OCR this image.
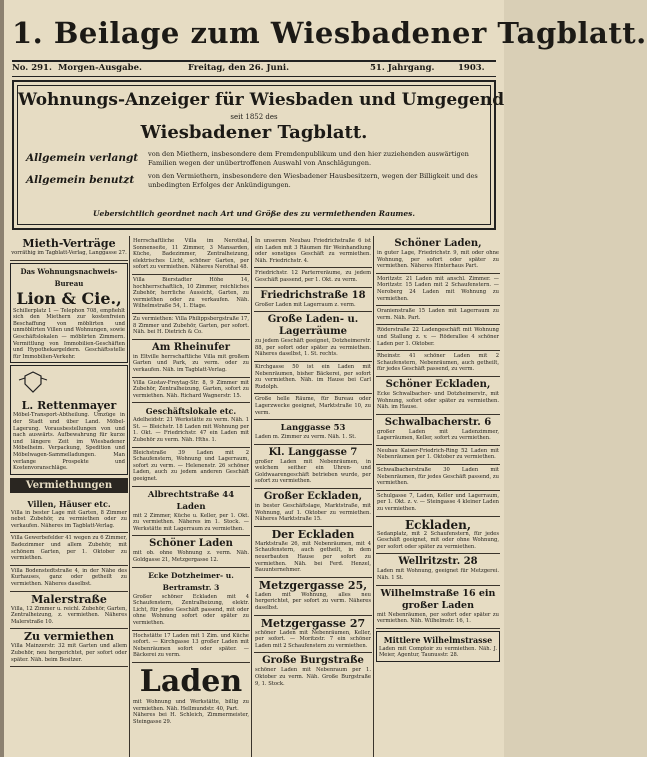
1. Beilage zum Wiesbadener Tagblatt.
No. 291. Morgen-Ausgabe.	Freitag, den 26. Juni.	51. Jahrgang.	1903.
Wohnungs-Anzeiger für Wiesbaden und Umgegend
seit 1852 des
Wiesbadener Tagblatt.
Allgemein verlangt von den Miethern, insbesondere dem Fremdenpublikum und den hier zuziehenden auswärtigen Familien wegen der unübertroffenen Auswahl von Anschlägungen.
Allgemein benutzt von den Vermiethern, insbesondere den Wiesbadener Hausbesitzern, wegen der Billigkeit und des unbedingten Erfolges der Ankündigungen.
Uebersichtlich geordnet nach Art und Größe des zu vermiethenden Raumes.
Mieth-Verträge
vorräthig im Tagblatt-Verlag, Langgasse 27.
Das Wohnungsnachweis-Bureau
Lion & Cie.,
Schillerplatz 1 — Telephon 708, empfiehlt sich den Miethern zur kostenfreien Beschaffung von möblirten und unmöblirten Villen und Wohnungen, sowie Geschäftslokalen — möblirten Zimmern. Vermittlung von Immobilien-Geschäften und Hypothekargeldern. Geschäftsstelle für Immobilien-Verkehr.
L. Rettenmayer
Möbel-Transport-Abtheilung. Umzüge in der Stadt und über Land. Möbel-Lagerung. Vorausbestellungen von und nach auswärts. Aufbewahrung für kurze und längere Zeit im Wiesbadener Möbelheim. Verpackung, Spedition und Möbelwagen-Sammelladungen. Man verlange Prospekte und Kostenvoranschläge.
Vermiethungen
Villen, Häuser etc.
Villa in bester Lage mit Garten, 8 Zimmer nebst Zubehör, zu vermiethen oder zu verkaufen. Näheres im Tagblatt-Verlag.
Villa Gewerbefelder 41 wegen zu 6 Zimmer, Badezimmer und allem Zubehör, mit schönem Garten, per 1. Oktober zu vermiethen.
Villa Bodenstedtstraße 4, in der Nähe des Kurhauses, ganz oder getheilt zu vermiethen. Näheres daselbst.
Malerstraße
Villa, 12 Zimmer u. reichl. Zubehör, Garten, Zentralheizung, z. vermiethen. Näheres Malerstraße 10.
Zu vermiethen
Villa Mainzerstr. 32 mit Garten und allem Zubehör, neu hergerichtet, per sofort oder später. Näh. beim Besitzer.
Herrschaftliche Villa im Nerothal, Sonnenseite, 11 Zimmer, 3 Mansarden, Küche, Badezimmer, Zentralheizung, elektrisches Licht, schöner Garten, per sofort zu vermiethen. Näheres Nerothal 48.
Villa Bierstadter Höhe 14, hochherrschaftlich, 10 Zimmer, reichliches Zubehör, herrliche Aussicht, Garten, zu vermiethen oder zu verkaufen. Näh. Wilhelmstraße 54, 1. Etage.
Zu vermiethen: Villa Philippsbergstraße 17, 8 Zimmer und Zubehör, Garten, per sofort. Näh. bei H. Dietrich & Co.
Am Rheinufer
in Eltville herrschaftliche Villa mit großem Garten und Park, zu verm. oder zu verkaufen. Näh. im Tagblatt-Verlag.
Villa Gustav-Freytag-Str. 8, 9 Zimmer mit Zubehör, Zentralheizung, Garten, sofort zu vermiethen. Näh. Richard Wagnerstr. 15.
Geschäftslokale etc.
Adelheidstr. 21 Werkstätte zu verm. Näh. 1 St. — Bleichstr. 18 Laden mit Wohnung per 1. Okt. — Friedrichstr. 47 ein Laden mit Zubehör zu verm. Näh. Hths. 1.
Bleichstraße 39 Laden mit 2 Schaufenstern, Wohnung und Lagerraum, sofort zu verm. — Helenenstr. 26 schöner Laden, auch zu jedem anderen Geschäft geeignet.
Albrechtstraße 44 Laden
mit 2 Zimmer, Küche u. Keller, per 1. Okt. zu vermiethen. Näheres im 1. Stock. — Werkstätte mit Lagerraum zu vermiethen.
Schöner Laden
mit ob. ohne Wohnung z. verm. Näh. Goldgasse 21, Metzgergasse 12.
Ecke Dotzheimer- u. Bertramstr. 3
Großer schöner Eckladen mit 4 Schaufenstern, Zentralheizung, elektr. Licht, für jedes Geschäft passend, mit oder ohne Wohnung sofort oder später zu vermiethen.
Hochstätte 17 Laden mit 1 Zim. und Küche sofort. — Kirchgasse 13 großer Laden mit Nebenräumen sofort oder später. — Bäckerei zu verm.
Laden
mit Wohnung und Werkstätte, billig zu vermiethen. Näh. Hellmundstr. 40, Part.
Näheres bei H. Schleich, Zimmermeister, Steingasse 29.
In unserem Neubau Friedrichstraße 6 ist ein Laden mit 3 Räumen für Weinhandlung oder sonstiges Geschäft zu vermiethen. Näh. Friedrichstr. 4.
Friedrichstr. 12 Parterreräume, zu jedem Geschäft passend, per 1. Okt. zu verm.
Friedrichstraße 18
Großer Laden mit Lagerraum z. verm.
Große Laden- u. Lagerräume
zu jedem Geschäft geeignet, Dotzheimerstr. 88, per sofort oder später zu vermiethen. Näheres daselbst, 1. St. rechts.
Kirchgasse 50 ist ein Laden mit Nebenräumen, bisher Bäckerei, per sofort zu vermiethen. Näh. im Hause bei Carl Rudolph.
Große helle Räume, für Bureau oder Lagerzwecke geeignet, Marktstraße 10, zu verm.
Langgasse 53
Laden m. Zimmer zu verm. Näh. 1. St.
Kl. Langgasse 7
großer Laden mit Nebenräumen, in welchem seither ein Uhren- und Goldwaarengeschäft betrieben wurde, per sofort zu vermiethen.
Großer Eckladen,
in bester Geschäftslage, Marktstraße, mit Wohnung, auf 1. Oktober zu vermiethen. Näheres Marktstraße 15.
Der Eckladen
Marktstraße 26, mit Nebenräumen, mit 4 Schaufenstern, auch getheilt, in dem neuerbauten Hause per sofort zu vermiethen. Näh. bei Ferd. Henzel, Bauunternehmer.
Metzgergasse 25,
Laden mit Wohnung, alles neu hergerichtet, per sofort zu verm. Näheres daselbst.
Metzgergasse 27
schöner Laden mit Nebenräumen, Keller, per sofort. — Moritzstr. 7 ein schöner Laden mit 2 Schaufenstern zu vermiethen.
Große Burgstraße
schöner Laden mit Nebenraum per 1. Oktober zu verm. Näh. Große Burgstraße 9, 1. Stock.
Schöner Laden,
in guter Lage, Friedrichstr. 9, mit oder ohne Wohnung, per sofort oder später zu vermiethen. Näheres Hinterhaus Part.
Moritzstr. 21 Laden mit anschl. Zimmer. — Moritzstr. 15 Laden mit 2 Schaufenstern. — Neroberg 24 Laden mit Wohnung zu vermiethen.
Oranienstraße 15 Laden mit Lagerraum zu verm. Näh. Part.
Röderstraße 22 Ladengeschäft mit Wohnung und Stallung z. v. — Röderallee 4 schöner Laden per 1. Oktober.
Rheinstr. 41 schöner Laden mit 2 Schaufenstern, Nebenräumen, auch getheilt, für jedes Geschäft passend, zu verm.
Schöner Eckladen,
Ecke Schwalbacher- und Dotzheimerstr., mit Wohnung, sofort oder später zu vermiethen. Näh. im Hause.
Schwalbacherstr. 6
großer Laden mit Ladenzimmer, Lagerräumen, Keller, sofort zu vermiethen.
Neubau Kaiser-Friedrich-Ring 52 Laden mit Nebenräumen per 1. Oktober zu vermiethen.
Schwalbacherstraße 30 Laden mit Nebenräumen, für jedes Geschäft passend, zu vermiethen.
Schulgasse 7, Laden, Keller und Lagerraum, per 1. Okt. z. v. — Steingasse 4 kleiner Laden zu vermiethen.
Eckladen,
Sedanplatz, mit 2 Schaufenstern, für jedes Geschäft geeignet, mit oder ohne Wohnung, per sofort oder später zu vermiethen.
Wellritzstr. 28
Laden mit Wohnung, geeignet für Metzgerei. Näh. 1 St.
Wilhelmstraße 16 ein großer Laden
mit Nebenräumen, per sofort oder später zu vermiethen. Näh. Wilhelmstr. 16, 1.
Mittlere Wilhelmstrasse
Laden mit Comptoir zu vermiethen. Näh. J. Meier, Agentur, Taunusstr. 28.
